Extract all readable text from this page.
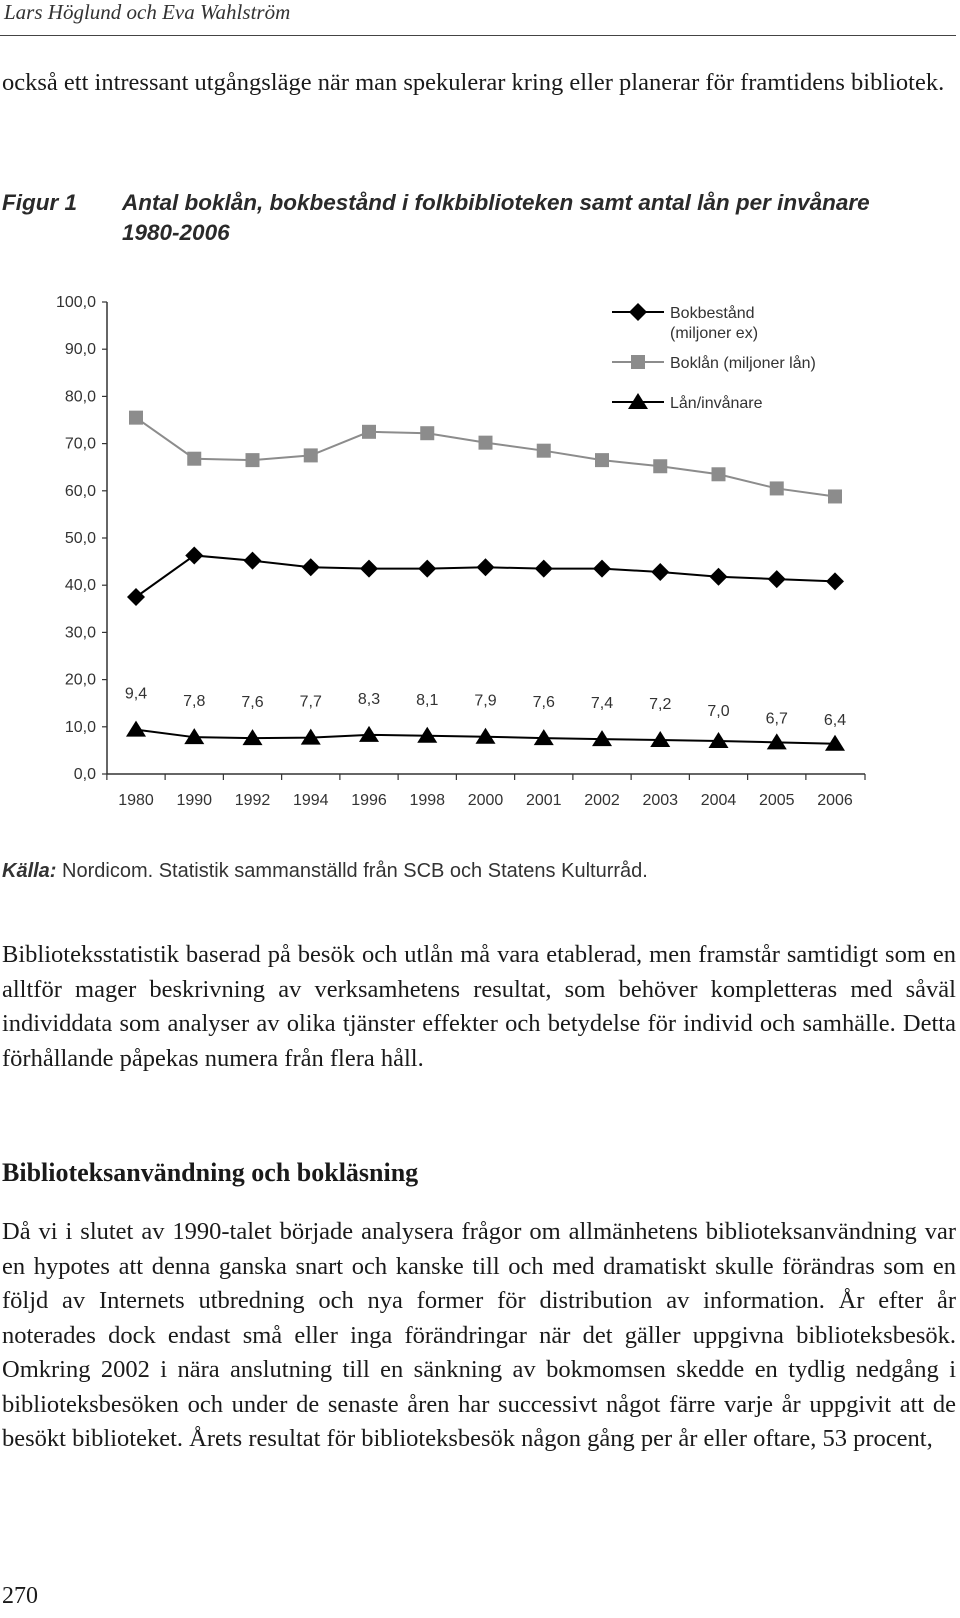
Lars Höglund och Eva Wahlström
också ett intressant utgångsläge när man spekulerar kring eller planerar för framtidens bibliotek.
Figur 1 Antal boklån, bokbestånd i folkbiblioteken samt antal lån per invånare 1980-2006
0,0
10,0
20,0
30,0
40,0
50,0
60,0
70,0
80,0
90,0
100,0
1980 1990 1992 1994 1996 1998 2000 2001 2002 2003 2004 2005 2006
9,4 7,8 7,6 7,7 8,3 8,1 7,9 7,6 7,4 7,2 7,0 6,7 6,4
Bokbestånd
(miljoner ex)
Boklån (miljoner lån)
Lån/invånare
Källa: Nordicom. Statistik sammanställd från SCB och Statens Kulturråd.
Biblioteksstatistik baserad på besök och utlån må vara etablerad, men framstår samtidigt som en alltför mager beskrivning av verksamhetens resultat, som behöver kompletteras med såväl individdata som analyser av olika tjänster effekter och betydelse för individ och samhälle. Detta förhållande påpekas numera från flera håll.
Biblioteksanvändning och bokläsning
Då vi i slutet av 1990-talet började analysera frågor om allmänhetens biblioteksanvändning var en hypotes att denna ganska snart och kanske till och med dramatiskt skulle förändras som en följd av Internets utbredning och nya former för distribution av information. År efter år noterades dock endast små eller inga förändringar när det gäller uppgivna biblioteksbesök. Omkring 2002 i nära anslutning till en sänkning av bokmomsen skedde en tydlig nedgång i biblioteksbesöken och under de senaste åren har successivt något färre varje år uppgivit att de besökt biblioteket. Årets resultat för biblioteksbesök någon gång per år eller oftare, 53 procent,
270
